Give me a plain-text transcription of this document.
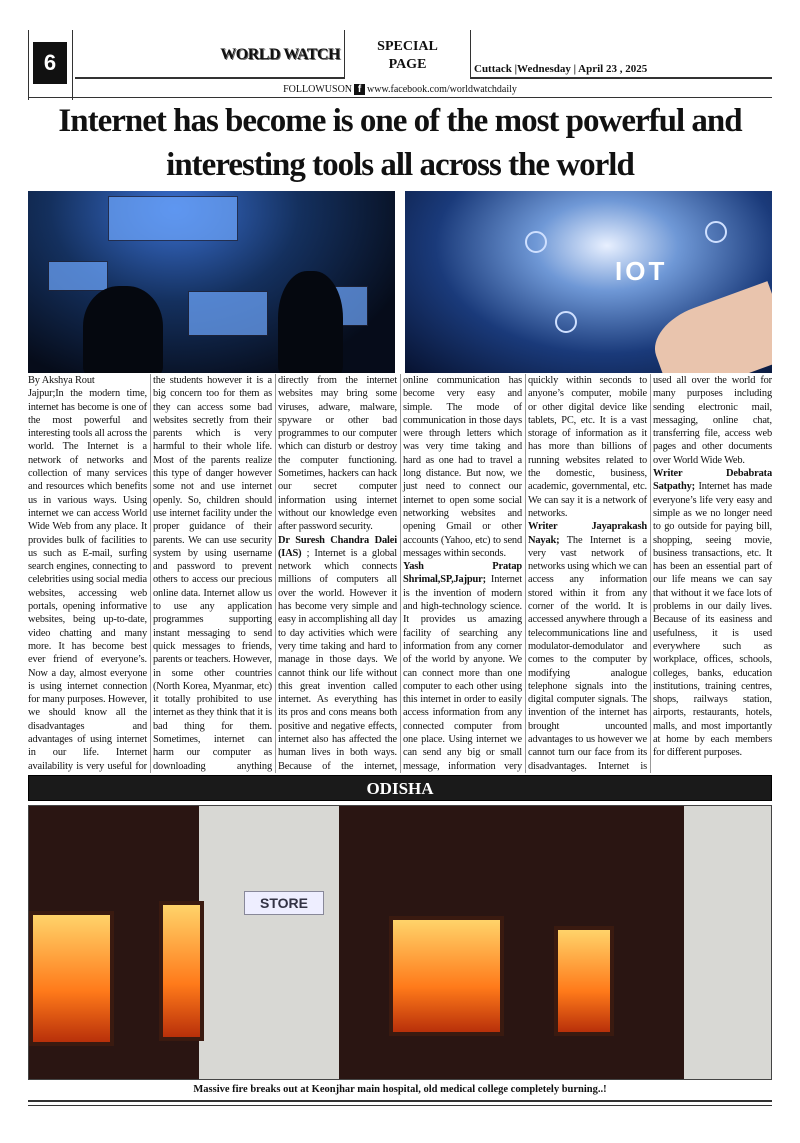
6	WORLD WATCH	SPECIAL
PAGE	Cuttack |Wednesday | April 23 , 2025
FOLLOWUSON f www.facebook.com/worldwatchdaily
Internet has become is one of the most powerful and interesting tools all across the world
IOT

By Akshya Rout

Jajpur;In the modern time, internet has become is one of the most powerful and interesting tools all across the world. The Internet is a network of networks and collection of many services and resources which benefits us in various ways. Using internet we can access World Wide Web from any place. It provides bulk of facilities to us such as E-mail, surfing search engines, connecting to celebrities using social media websites, accessing web portals, opening informative websites, being up-to-date, video chatting and many more. It has become best ever friend of everyone’s. Now a day, almost everyone is using internet connection for many purposes. However, we should know all the disadvantages and advantages of using internet in our life. Internet availability is very useful for the students however it is a big concern too for them as they can access some bad websites secretly from their parents which is very harmful to their whole life. Most of the parents realize this type of danger however some not and use internet openly. So, children should use internet facility under the proper guidance of their parents. We can use security system by using username and password to prevent others to access our precious online data. Internet allow us to use any application programmes supporting instant messaging to send quick messages to friends, parents or teachers. However, in some other countries (North Korea, Myanmar, etc) it totally prohibited to use internet as they think that it is bad thing for them. Sometimes, internet can harm our computer as downloading anything directly from the internet websites may bring some viruses, adware, malware, spyware or other bad programmes to our computer which can disturb or destroy the computer functioning. Sometimes, hackers can hack our secret computer information using internet without our knowledge even after password security.

Dr Suresh Chandra Dalei (IAS) ; Internet is a global network which connects millions of computers all over the world. However it has become very simple and easy in accomplishing all day to day activities which were very time taking and hard to manage in those days. We cannot think our life without this great invention called internet. As everything has its pros and cons means both positive and negative effects, internet also has affected the human lives in both ways. Because of the internet, online communication has become very easy and simple. The mode of communication in those days were through letters which was very time taking and hard as one had to travel a long distance. But now, we just need to connect our internet to open some social networking websites and opening Gmail or other accounts (Yahoo, etc) to send messages within seconds.

Yash Pratap Shrimal,SP,Jajpur; Internet is the invention of modern and high-technology science. It provides us amazing facility of searching any information from any corner of the world by anyone. We can connect more than one computer to each other using this internet in order to easily access information from any connected computer from one place. Using internet we can send any big or small message, information very quickly within seconds to anyone’s computer, mobile or other digital device like tablets, PC, etc. It is a vast storage of information as it has more than billions of running websites related to the domestic, business, academic, governmental, etc. We can say it is a network of networks.

Writer Jayaprakash Nayak; The Internet is a very vast network of networks using which we can access any information stored within it from any corner of the world. It is accessed anywhere through a telecommunications line and modulator-demodulator and comes to the computer by modifying analogue telephone signals into the digital computer signals. The invention of the internet has brought uncounted advantages to us however we cannot turn our face from its disadvantages. Internet is used all over the world for many purposes including sending electronic mail, messaging, online chat, transferring file, access web pages and other documents over World Wide Web.

Writer Debabrata Satpathy; Internet has made everyone’s life very easy and simple as we no longer need to go outside for paying bill, shopping, seeing movie, business transactions, etc. It has been an essential part of our life means we can say that without it we face lots of problems in our daily lives. Because of its easiness and usefulness, it is used everywhere such as workplace, offices, schools, colleges, banks, education institutions, training centres, shops, railways station, airports, restaurants, hotels, malls, and most importantly at home by each members for different purposes.

ODISHA
STORE
Massive fire breaks out at Keonjhar main hospital, old medical college completely burning..!
